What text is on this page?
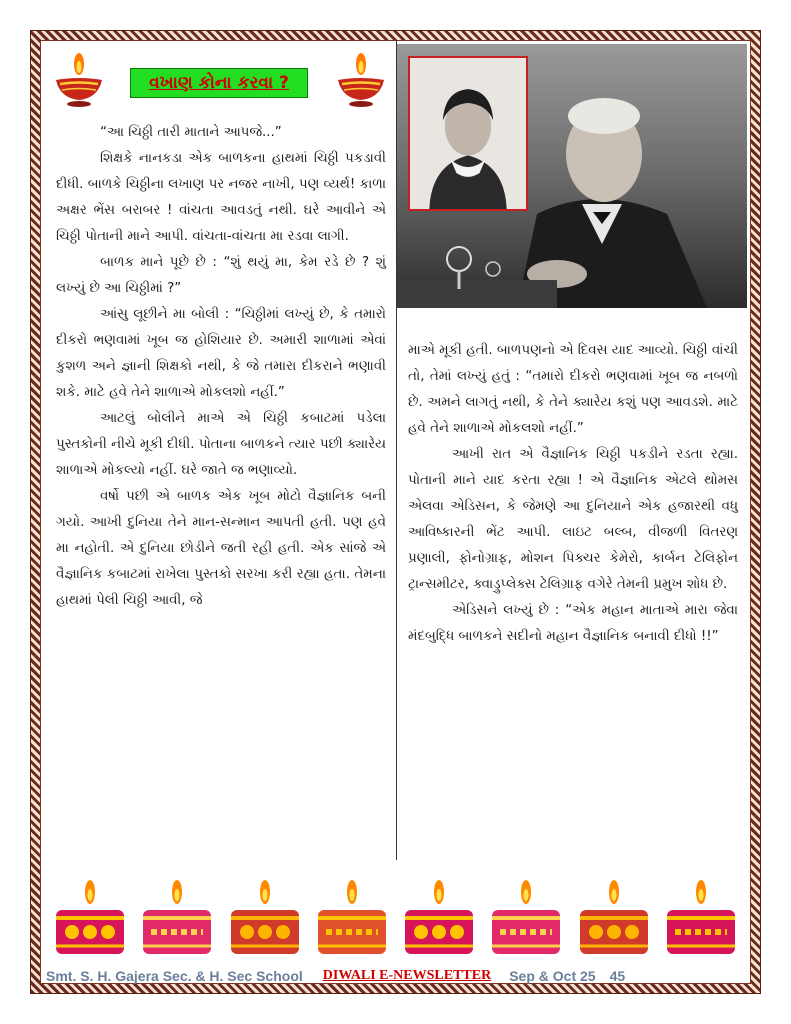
વખાણ કોના કરવા ?

“આ ચિઠ્ઠી તારી માતાને આપજે...”

શિક્ષકે નાનકડા એક બાળકના હાથમાં ચિઠ્ઠી પકડાવી દીધી. બાળકે ચિઠ્ઠીના લખાણ પર નજર નાખી, પણ વ્યર્થ! કાળા અક્ષર ભેંસ બરાબર ! વાંચતા આવડતું નથી. ઘરે આવીને એ ચિઠ્ઠી પોતાની માને આપી. વાંચતા-વાંચતા મા રડવા લાગી.

બાળક માને પૂછે છે : “શું થયું મા, કેમ રડે છે ? શું લખ્યું છે આ ચિઠ્ઠીમાં ?”

આંસુ લૂછીને મા બોલી : “ચિઠ્ઠીમાં લખ્યું છે, કે તમારો દીકરો ભણવામાં ખૂબ જ હોશિયાર છે. અમારી શાળામાં એવાં કુશળ અને જ્ઞાની શિક્ષકો નથી, કે જે તમારા દીકરાને ભણાવી શકે. માટે હવે તેને શાળાએ મોકલશો નહીં.”

આટલું બોલીને માએ એ ચિઠ્ઠી કબાટમાં પડેલા પુસ્તકોની નીચે મૂકી દીધી. પોતાના બાળકને ત્યાર પછી ક્યારેય શાળાએ મોકલ્યો નહીં. ઘરે જાતે જ ભણાવ્યો.

વર્ષો પછી એ બાળક એક ખૂબ મોટો વૈજ્ઞાનિક બની ગયો. આખી દુનિયા તેને માન-સન્માન આપતી હતી. પણ હવે મા નહોતી. એ દુનિયા છોડીને જતી રહી હતી. એક સાંજે એ વૈજ્ઞાનિક કબાટમાં રાખેલા પુસ્તકો સરખા કરી રહ્યા હતા. તેમના હાથમાં પેલી ચિઠ્ઠી આવી, જે

માએ મૂકી હતી. બાળપણનો એ દિવસ યાદ આવ્યો. ચિઠ્ઠી વાંચી તો, તેમાં લખ્યું હતું : “તમારો દીકરો ભણવામાં ખૂબ જ નબળો છે. અમને લાગતું નથી, કે તેને ક્યારેય કશું પણ આવડશે. માટે હવે તેને શાળાએ મોકલશો નહીં.”

આખી રાત એ વૈજ્ઞાનિક ચિઠ્ઠી પકડીને રડતા રહ્યા. પોતાની માને યાદ કરતા રહ્યા ! એ વૈજ્ઞાનિક એટલે થોમસ એલવા એડિસન, કે જેમણે આ દુનિયાને એક હજારથી વધુ આવિષ્કારની ભેંટ આપી. લાઇટ બલ્બ, વીજળી વિતરણ પ્રણાલી, ફોનોગ્રાફ, મોશન પિક્ચર કેમેરો, કાર્બન ટેલિફોન ટ્રાન્સમીટર, ક્વાડ્રુપ્લેક્સ ટેલિગ્રાફ વગેરે તેમની પ્રમુખ શોધ છે.

એડિસને લખ્યું છે : “એક મહાન માતાએ મારા જેવા મંદબુદ્ધિ બાળકને સદીનો મહાન વૈજ્ઞાનિક બનાવી દીધો !!”

Smt. S. H. Gajera Sec. & H. Sec School DIWALI E-NEWSLETTER Sep & Oct 25 45
